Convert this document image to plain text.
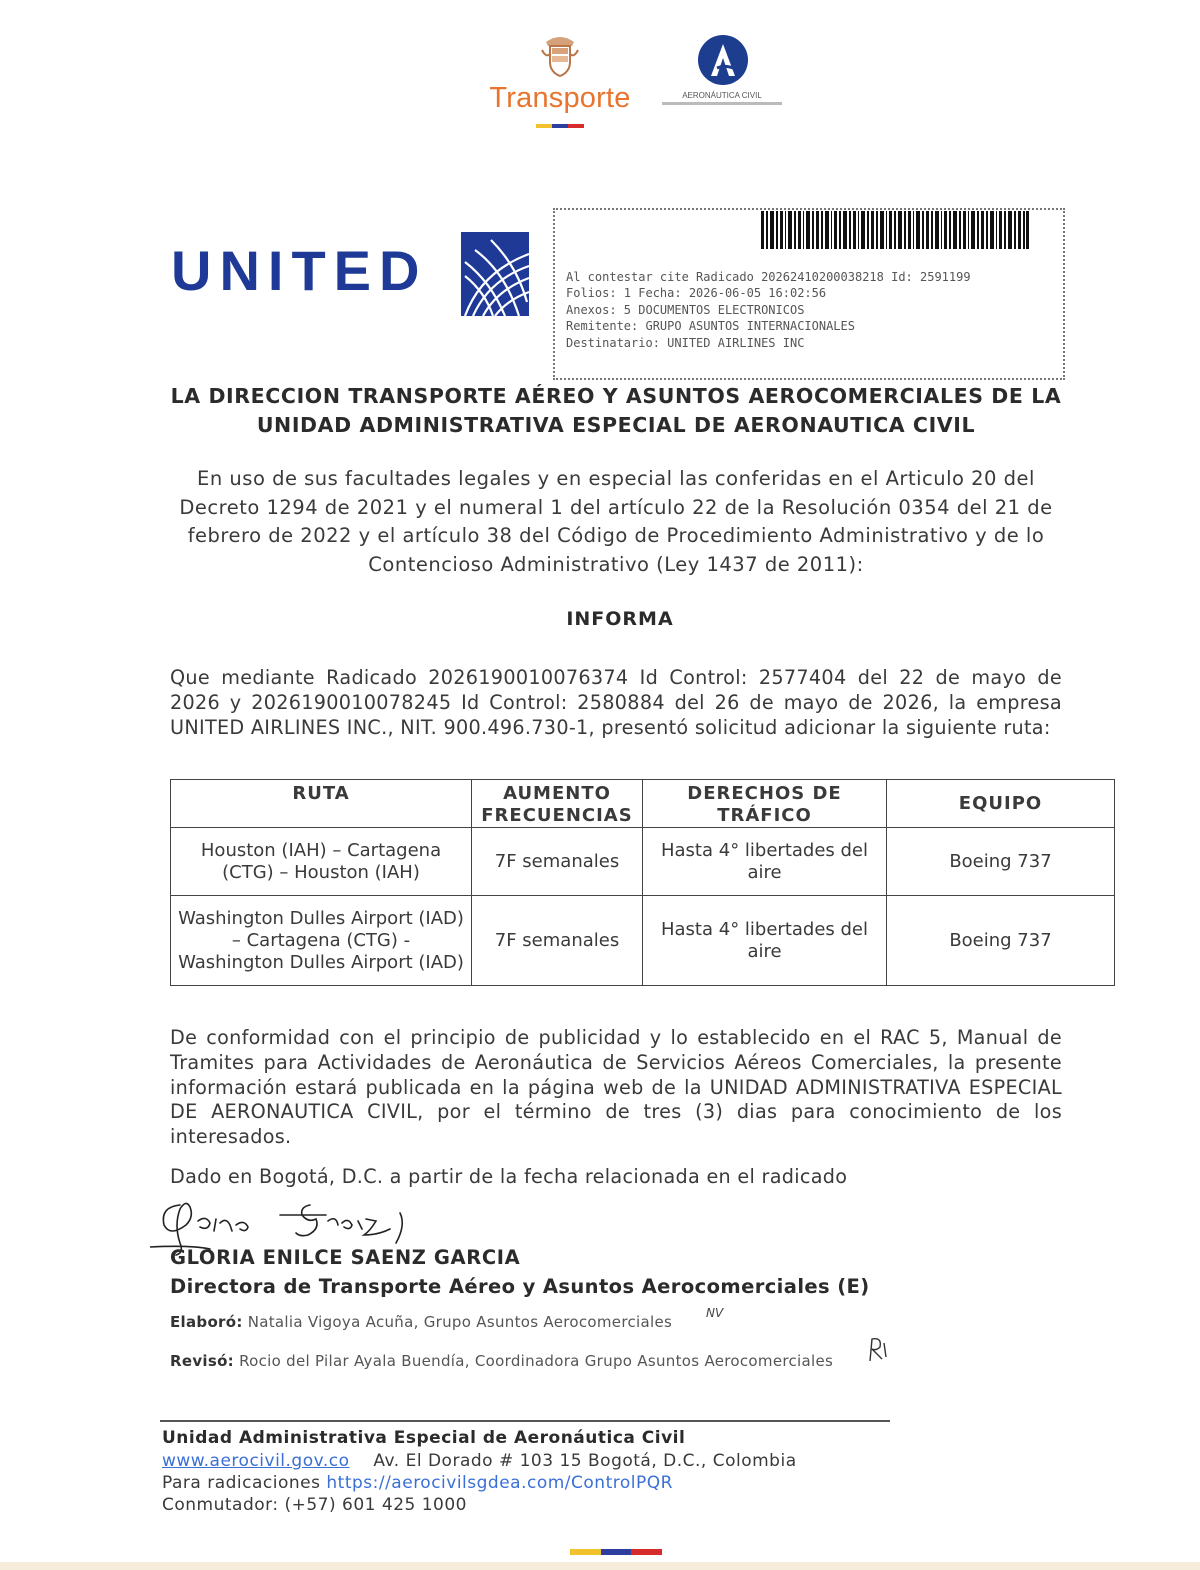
Transporte	AERONÁUTICA CIVIL
UNITED	Al contestar cite Radicado 20262410200038218 Id: 2591199
Folios: 1 Fecha: 2026-06-05 16:02:56
Anexos: 5 DOCUMENTOS ELECTRONICOS
Remitente: GRUPO ASUNTOS INTERNACIONALES
Destinatario: UNITED AIRLINES INC
LA DIRECCION TRANSPORTE AÉREO Y ASUNTOS AEROCOMERCIALES DE LA
UNIDAD ADMINISTRATIVA ESPECIAL DE AERONAUTICA CIVIL
En uso de sus facultades legales y en especial las conferidas en el Articulo 20 del Decreto 1294 de 2021 y el numeral 1 del artículo 22 de la Resolución 0354 del 21 de febrero de 2022 y el artículo 38 del Código de Procedimiento Administrativo y de lo Contencioso Administrativo (Ley 1437 de 2011):
INFORMA
Que mediante Radicado 2026190010076374 Id Control: 2577404 del 22 de mayo de 2026 y 2026190010078245 Id Control: 2580884 del 26 de mayo de 2026, la empresa UNITED AIRLINES INC., NIT. 900.496.730-1, presentó solicitud adicionar la siguiente ruta:
RUTA	AUMENTO FRECUENCIAS	DERECHOS DE TRÁFICO	EQUIPO
Houston (IAH) – Cartagena (CTG) – Houston (IAH)	7F semanales	Hasta 4° libertades del aire	Boeing 737
Washington Dulles Airport (IAD) – Cartagena (CTG) - Washington Dulles Airport (IAD)	7F semanales	Hasta 4° libertades del aire	Boeing 737
De conformidad con el principio de publicidad y lo establecido en el RAC 5, Manual de Tramites para Actividades de Aeronáutica de Servicios Aéreos Comerciales, la presente información estará publicada en la página web de la UNIDAD ADMINISTRATIVA ESPECIAL DE AERONAUTICA CIVIL, por el término de tres (3) dias para conocimiento de los interesados.
Dado en Bogotá, D.C. a partir de la fecha relacionada en el radicado
GLORIA ENILCE SAENZ GARCIA
Directora de Transporte Aéreo y Asuntos Aerocomerciales (E)
Elaboró: Natalia Vigoya Acuña, Grupo Asuntos Aerocomerciales	NV
Revisó: Rocio del Pilar Ayala Buendía, Coordinadora Grupo Asuntos Aerocomerciales
Unidad Administrativa Especial de Aeronáutica Civil
www.aerocivil.gov.co Av. El Dorado # 103 15 Bogotá, D.C., Colombia
Para radicaciones https://aerocivilsgdea.com/ControlPQR
Conmutador: (+57) 601 425 1000
